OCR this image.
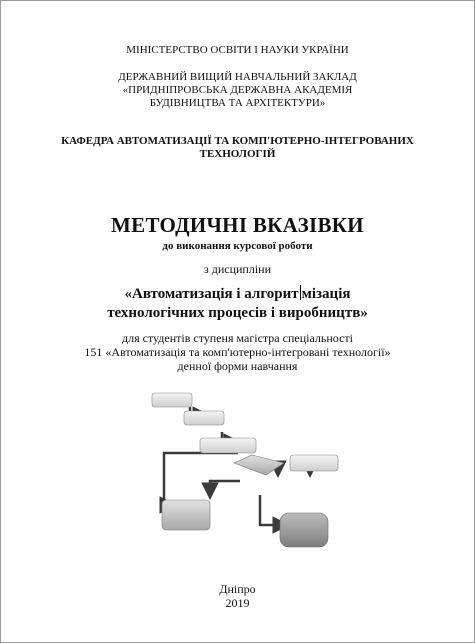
МІНІСТЕРСТВО ОСВІТИ І НАУКИ УКРАЇНИ
ДЕРЖАВНИЙ ВИЩИЙ НАВЧАЛЬНИЙ ЗАКЛАД
«ПРИДНІПРОВСЬКА ДЕРЖАВНА АКАДЕМІЯ
БУДІВНИЦТВА ТА АРХІТЕКТУРИ»
КАФЕДРА АВТОМАТИЗАЦІЇ ТА КОМП'ЮТЕРНО-ІНТЕГРОВАНИХ
ТЕХНОЛОГІЙ
МЕТОДИЧНІ ВКАЗІВКИ
до виконання курсової роботи
з дисципліни
«Автоматизація і алгорит мізація
технологічних процесів і виробництв»
для студентів ступеня магістра спеціальності
151 «Автоматизація та комп'ютерно-інтегровані технології»
денної форми навчання
Дніпро
2019
